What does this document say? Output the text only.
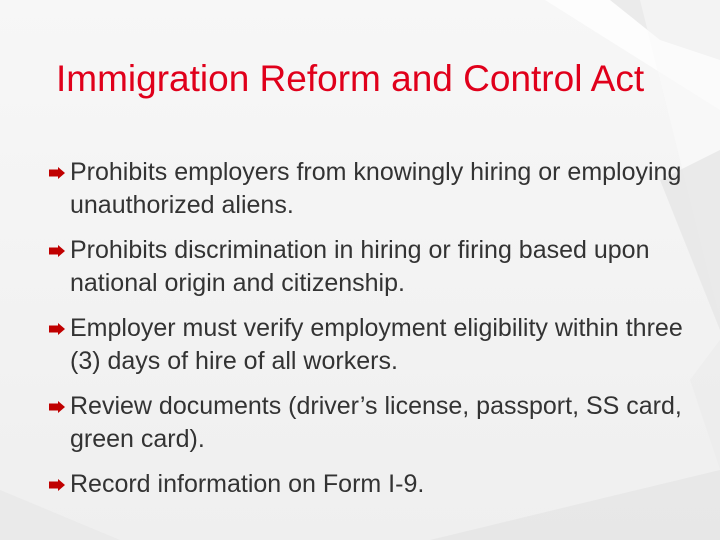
Immigration Reform and Control Act
Prohibits employers from knowingly hiring or employing unauthorized aliens.
Prohibits discrimination in hiring or firing based upon national origin and citizenship.
Employer must verify employment eligibility within three (3) days of hire of all workers.
Review documents (driver’s license, passport, SS card, green card).
Record information on Form I-9.
